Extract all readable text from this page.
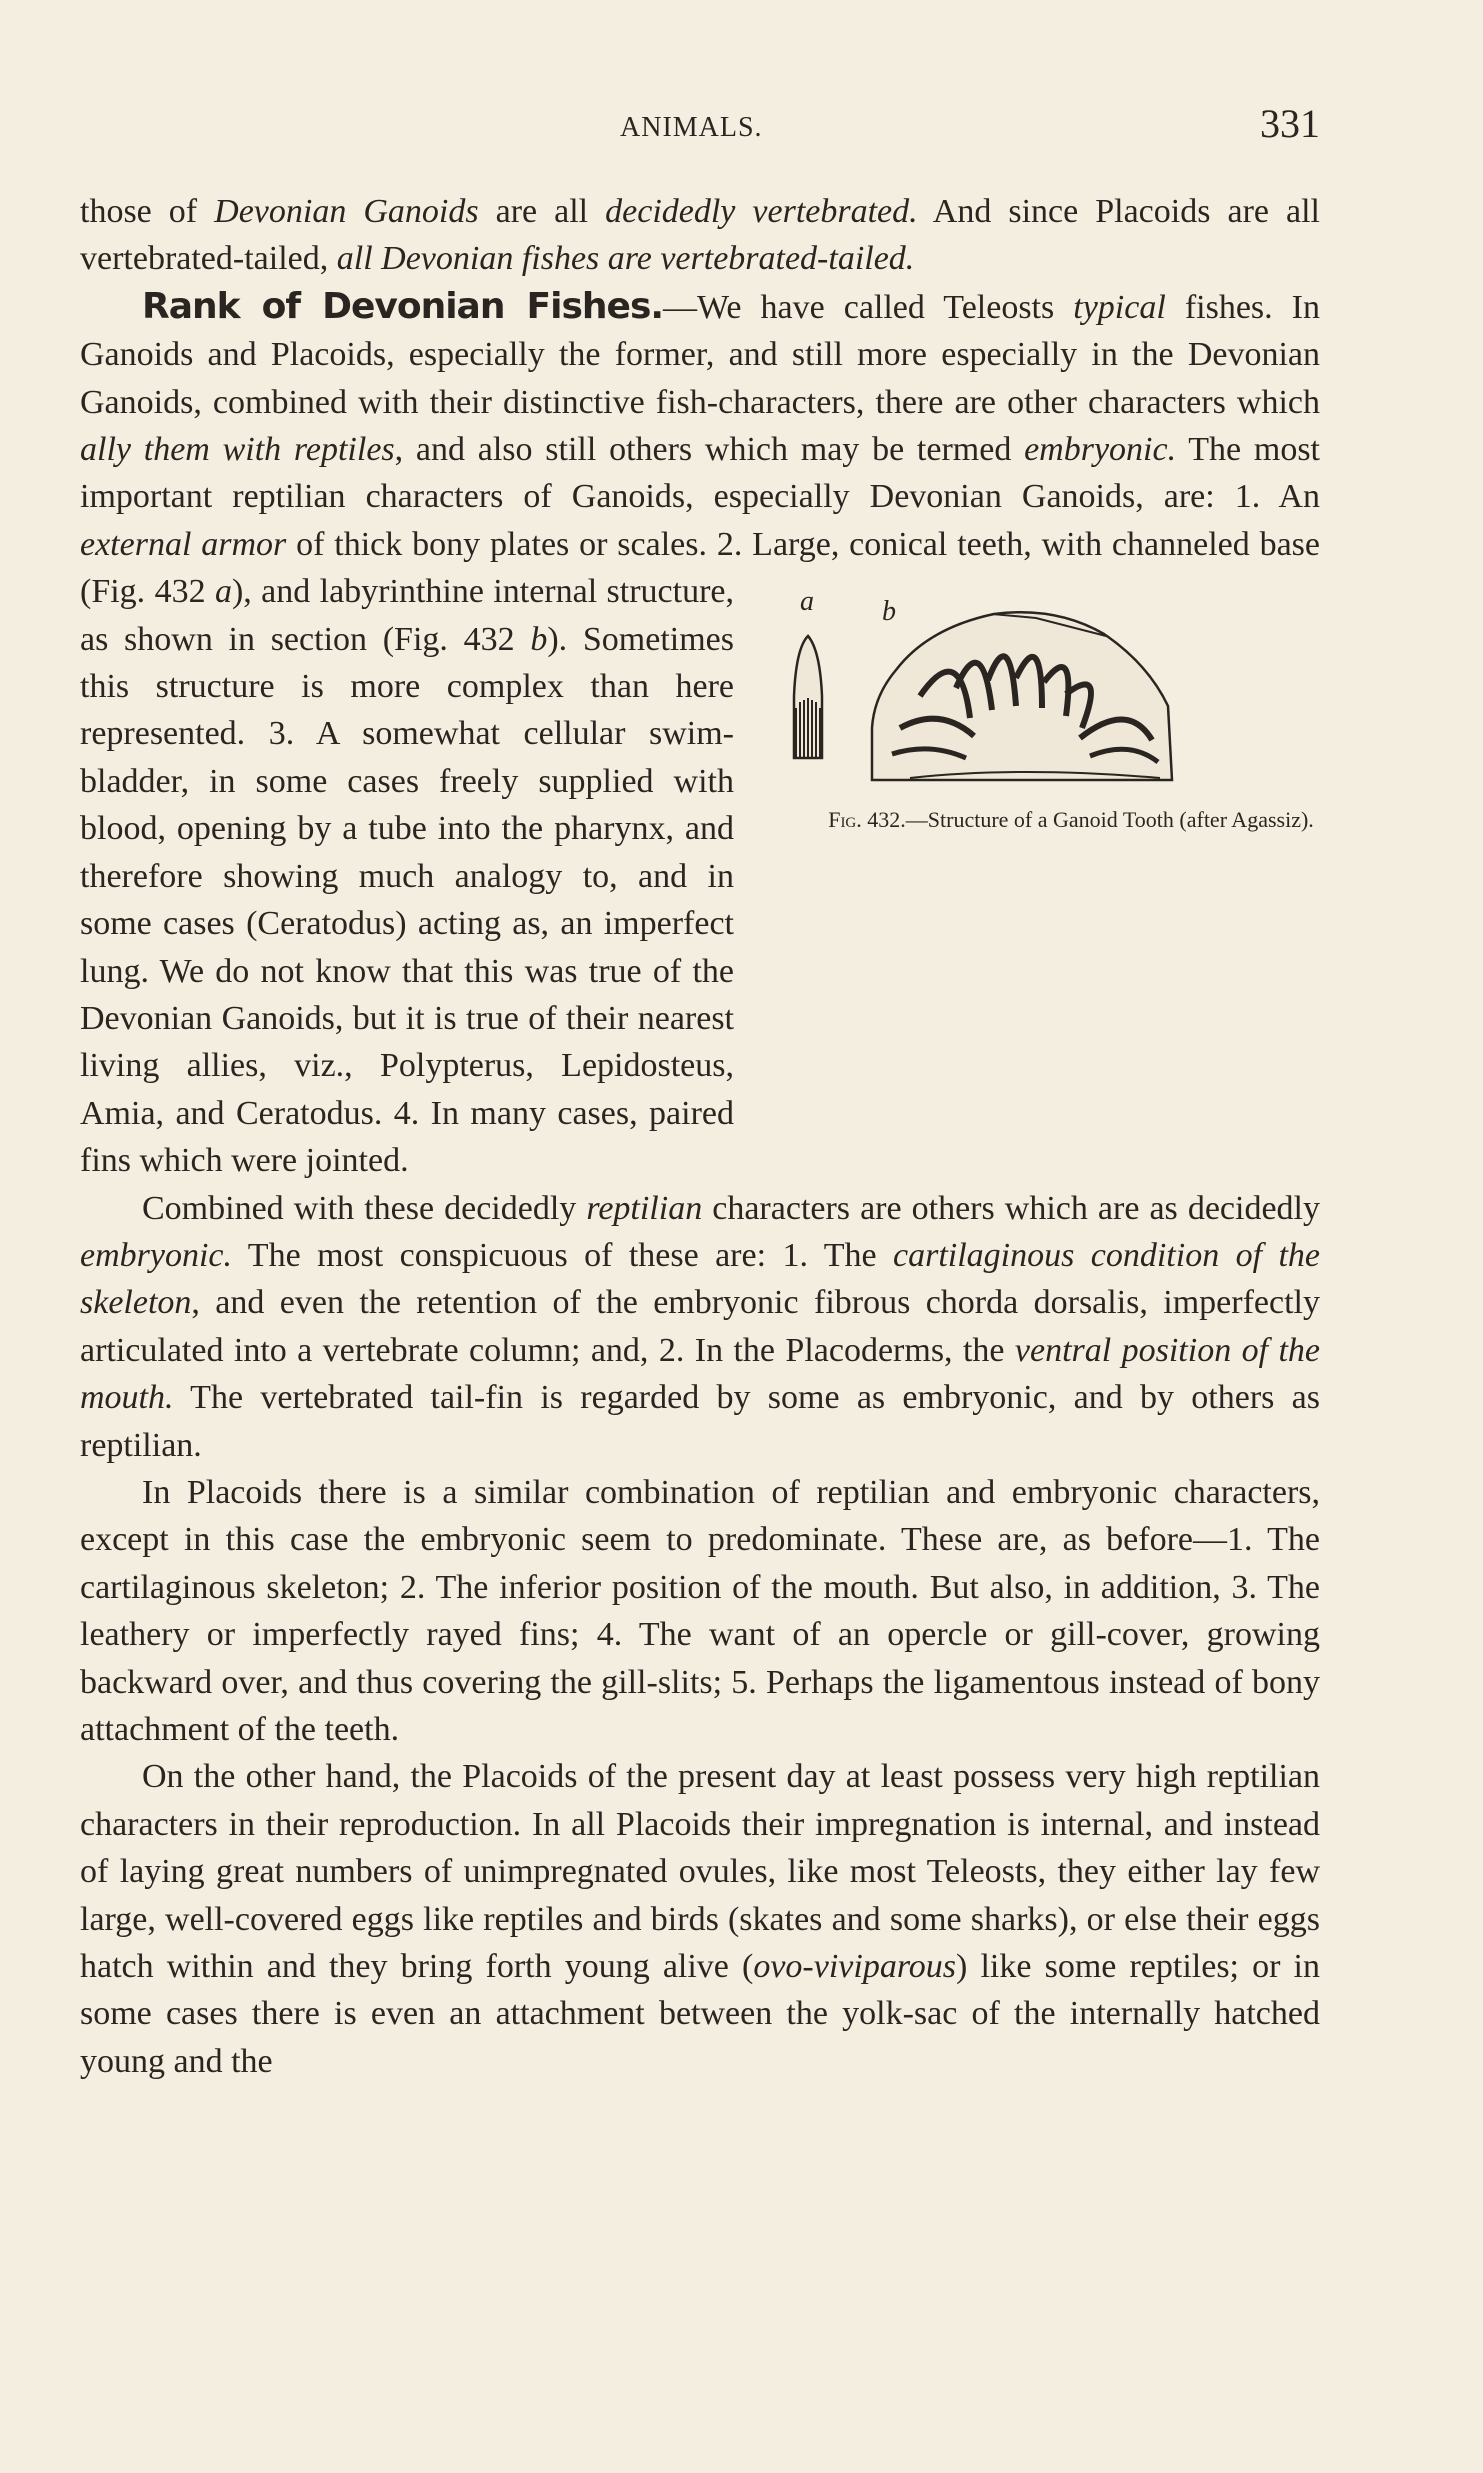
ANIMALS.	331

those of Devonian Ganoids are all decidedly vertebrated. And since Placoids are all vertebrated-tailed, all Devonian fishes are vertebrated-tailed.

Rank of Devonian Fishes.—We have called Teleosts typical fishes. In Ganoids and Placoids, especially the former, and still more especially in the Devonian Ganoids, combined with their distinctive fish-characters, there are other characters which ally them with reptiles, and also still others which may be termed embryonic. The most important reptilian characters of Ganoids, especially Devonian Ganoids, are: 1. An external armor of thick bony plates or scales. 2. Large, conical teeth, with channeled base (Fig. 432	a b
Fig. 432.—Structure of a Ganoid Tooth (after Agassiz).
a), and labyrinthine internal structure, as shown in section (Fig. 432 b). Sometimes this structure is more complex than here represented. 3. A somewhat cellular swim-bladder, in some cases freely supplied with blood, opening by a tube into the pharynx, and therefore showing much analogy to, and in some cases (Ceratodus) acting as, an imperfect lung. We do not know that this was true of the Devonian Ganoids, but it is true of their nearest living allies, viz., Polypterus, Lepidosteus, Amia, and Ceratodus. 4. In many cases, paired fins which were jointed.

Combined with these decidedly reptilian characters are others which are as decidedly embryonic. The most conspicuous of these are: 1. The cartilaginous condition of the skeleton, and even the retention of the embryonic fibrous chorda dorsalis, imperfectly articulated into a vertebrate column; and, 2. In the Placoderms, the ventral position of the mouth. The vertebrated tail-fin is regarded by some as embryonic, and by others as reptilian.

In Placoids there is a similar combination of reptilian and embryonic characters, except in this case the embryonic seem to predominate. These are, as before—1. The cartilaginous skeleton; 2. The inferior position of the mouth. But also, in addition, 3. The leathery or imperfectly rayed fins; 4. The want of an opercle or gill-cover, growing backward over, and thus covering the gill-slits; 5. Perhaps the ligamentous instead of bony attachment of the teeth.

On the other hand, the Placoids of the present day at least possess very high reptilian characters in their reproduction. In all Placoids their impregnation is internal, and instead of laying great numbers of unimpregnated ovules, like most Teleosts, they either lay few large, well-covered eggs like reptiles and birds (skates and some sharks), or else their eggs hatch within and they bring forth young alive (ovo-viviparous) like some reptiles; or in some cases there is even an attachment between the yolk-sac of the internally hatched young and the
